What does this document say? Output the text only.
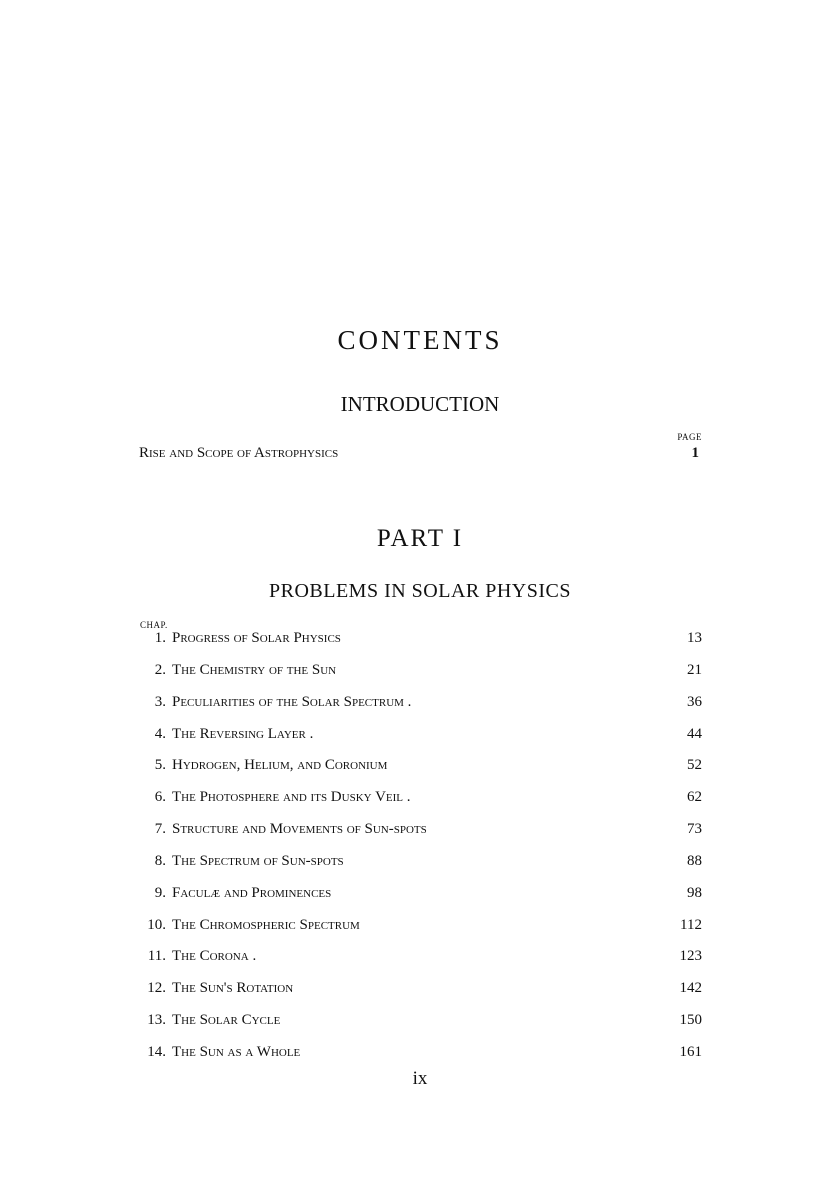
CONTENTS
INTRODUCTION
PAGE
Rise and Scope of Astrophysics	1
PART I
PROBLEMS IN SOLAR PHYSICS
CHAP.
1. Progress of Solar Physics	13
2. The Chemistry of the Sun	21
3. Peculiarities of the Solar Spectrum .	36
4. The Reversing Layer .	44
5. Hydrogen, Helium, and Coronium	52
6. The Photosphere and its Dusky Veil .	62
7. Structure and Movements of Sun-spots	73
8. The Spectrum of Sun-spots	88
9. Faculæ and Prominences	98
10. The Chromospheric Spectrum	112
11. The Corona .	123
12. The Sun's Rotation	142
13. The Solar Cycle	150
14. The Sun as a Whole	161
ix
